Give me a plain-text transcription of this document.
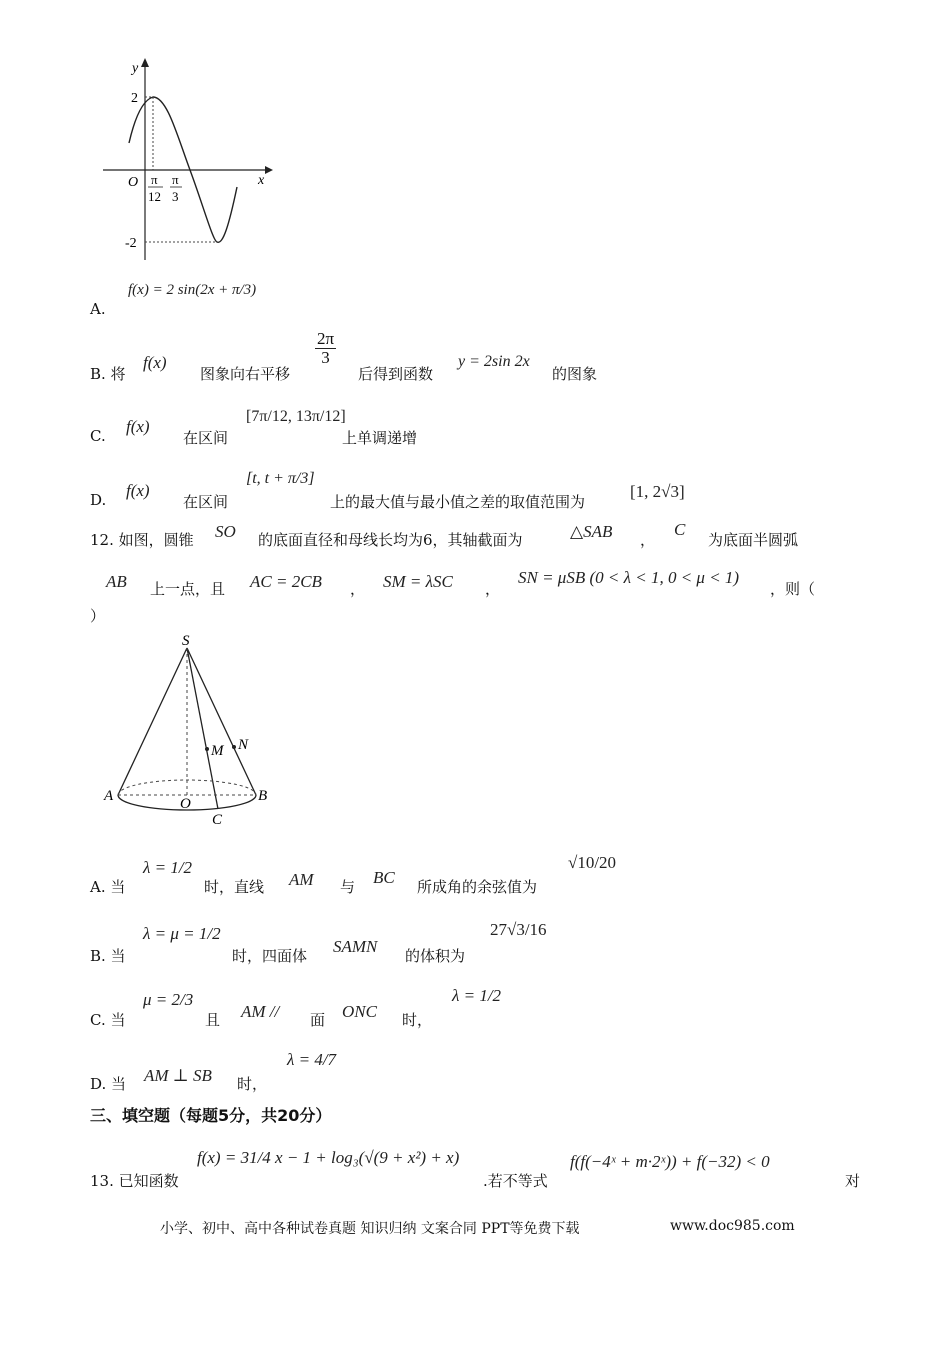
y
x
O
2
-2
π
12
π
3
A.
f(x) = 2 sin(2x + π/3)
B. 将
f(x)
图象向右平移
$\frac{2\pi}{3}$
后得到函数
y = 2sin 2x
的图象
C. f(x)
在区间
[7π/12, 13π/12]
上单调递增
D. f(x)
在区间
[t, t + π/3]
上的最大值与最小值之差的取值范围为
[1, 2√3]
12. 如图，圆锥 SO 的底面直径和母线长均为6，其轴截面为	△SAB ，
C
为底面半圆弧
AB 上一点，且 AC = 2CB ， SM = λSC ，
SN = μSB (0 < λ < 1, 0 < μ < 1)
，则（
）
S
M N
A	O	B
C
A. 当
λ = 1/2
时，直线 AM 与 BC 所成角的余弦值为
√10/20
B. 当
λ = μ = 1/2
时，四面体 SAMN 的体积为
27√3/16
C. 当
μ = 2/3
且 AM // 面 ONC 时，
λ = 1/2
D. 当 AM ⊥ SB 时，
λ = 4/7
三、填空题（每题5分，共20分）
13. 已知函数
f(x) = 31/4 x − 1 + log₃(√(9 + x²) + x)
.若不等式
f(f(−4ˣ + m·2ˣ)) + f(−32) < 0
对
小学、初中、高中各种试卷真题 知识归纳 文案合同 PPT等免费下载	www.doc985.com
